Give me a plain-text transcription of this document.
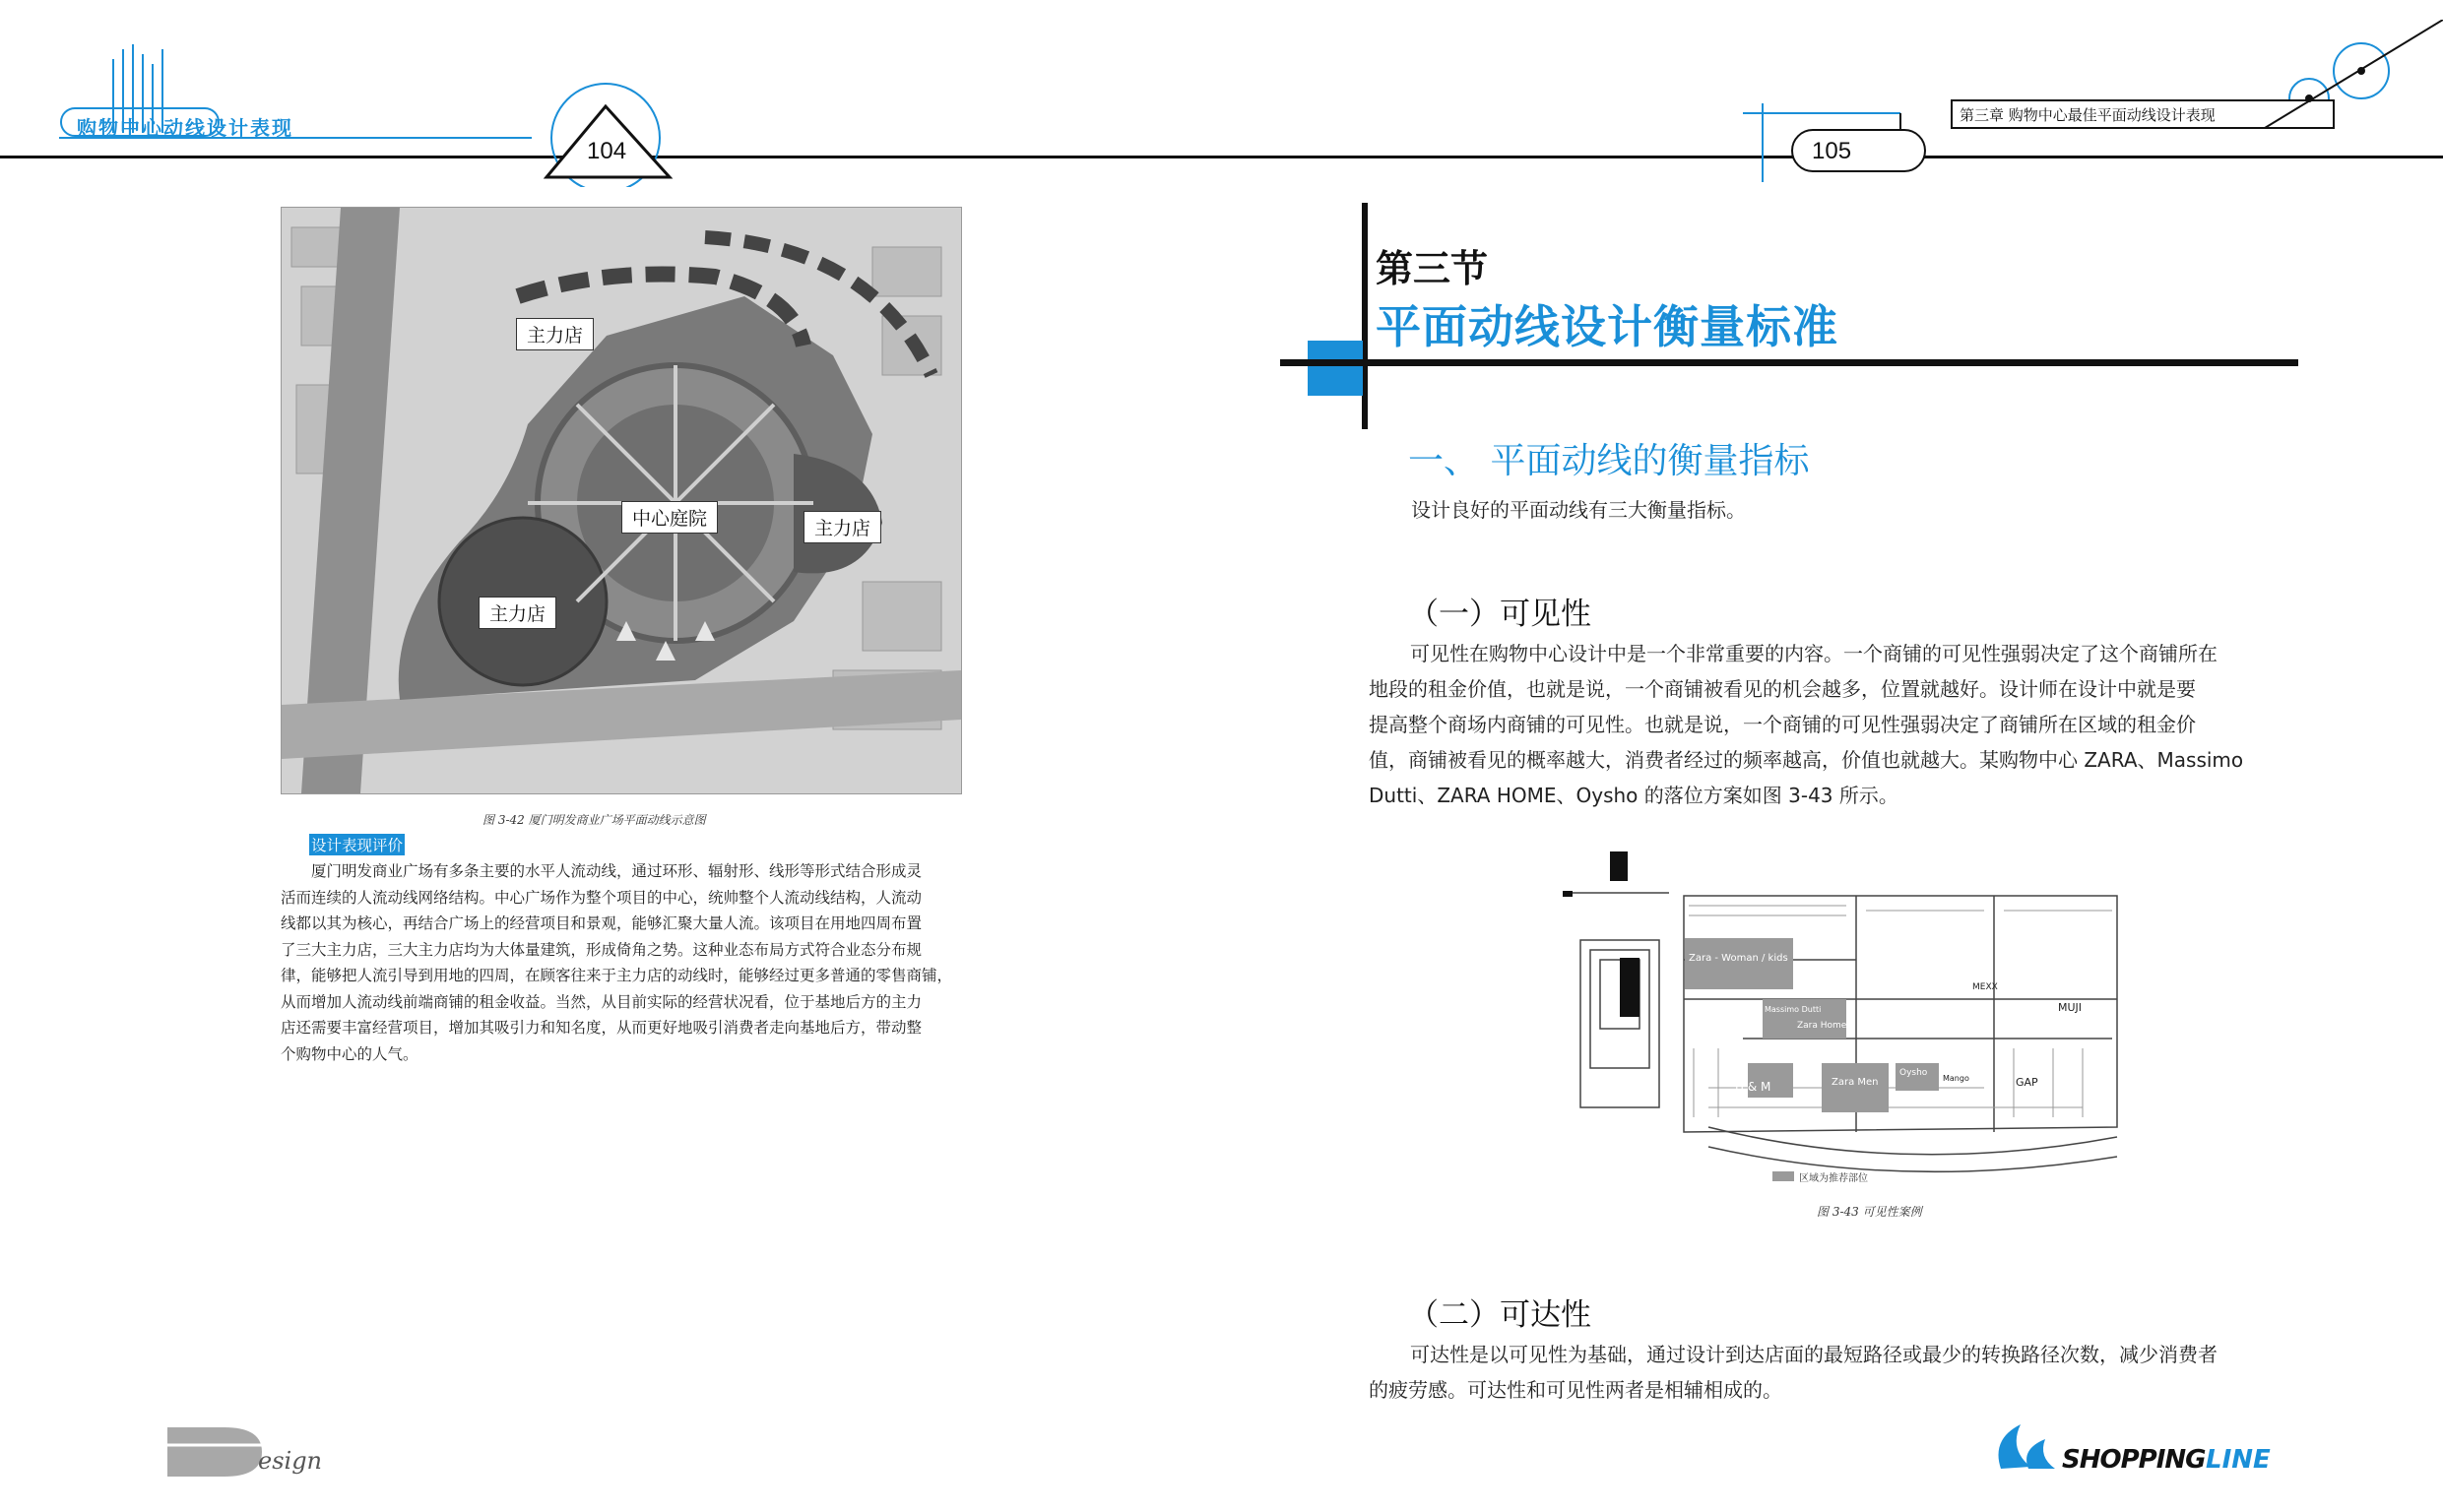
购物中心动线设计表现
104	105
第三章 购物中心最佳平面动线设计表现
主力店
中心庭院	主力店
主力店
图 3-42 厦门明发商业广场平面动线示意图
设计表现评价
厦门明发商业广场有多条主要的水平人流动线，通过环形、辐射形、线形等形式结合形成灵
活而连续的人流动线网络结构。中心广场作为整个项目的中心，统帅整个人流动线结构，人流动
线都以其为核心，再结合广场上的经营项目和景观，能够汇聚大量人流。该项目在用地四周布置
了三大主力店，三大主力店均为大体量建筑，形成倚角之势。这种业态布局方式符合业态分布规
律，能够把人流引导到用地的四周，在顾客往来于主力店的动线时，能够经过更多普通的零售商铺，
从而增加人流动线前端商铺的租金收益。当然，从目前实际的经营状况看，位于基地后方的主力
店还需要丰富经营项目，增加其吸引力和知名度，从而更好地吸引消费者走向基地后方，带动整
个购物中心的人气。
esign
第三节
平面动线设计衡量标准
一、 平面动线的衡量指标
设计良好的平面动线有三大衡量指标。
（一）可见性
可见性在购物中心设计中是一个非常重要的内容。一个商铺的可见性强弱决定了这个商铺所在
地段的租金价值，也就是说，一个商铺被看见的机会越多，位置就越好。设计师在设计中就是要
提高整个商场内商铺的可见性。也就是说，一个商铺的可见性强弱决定了商铺所在区域的租金价
值，商铺被看见的概率越大，消费者经过的频率越高，价值也就越大。某购物中心 ZARA、Massimo
Dutti、ZARA HOME、Oysho 的落位方案如图 3-43 所示。
Zara - Woman / kids
Massimo Dutti
Zara Home
H & M	Zara Men
Oysho
Mango	GAP
MUJI
MEXX
区域为推荐部位
图 3-43 可见性案例
（二）可达性
可达性是以可见性为基础，通过设计到达店面的最短路径或最少的转换路径次数，减少消费者
的疲劳感。可达性和可见性两者是相辅相成的。
SHOPPING LINE
